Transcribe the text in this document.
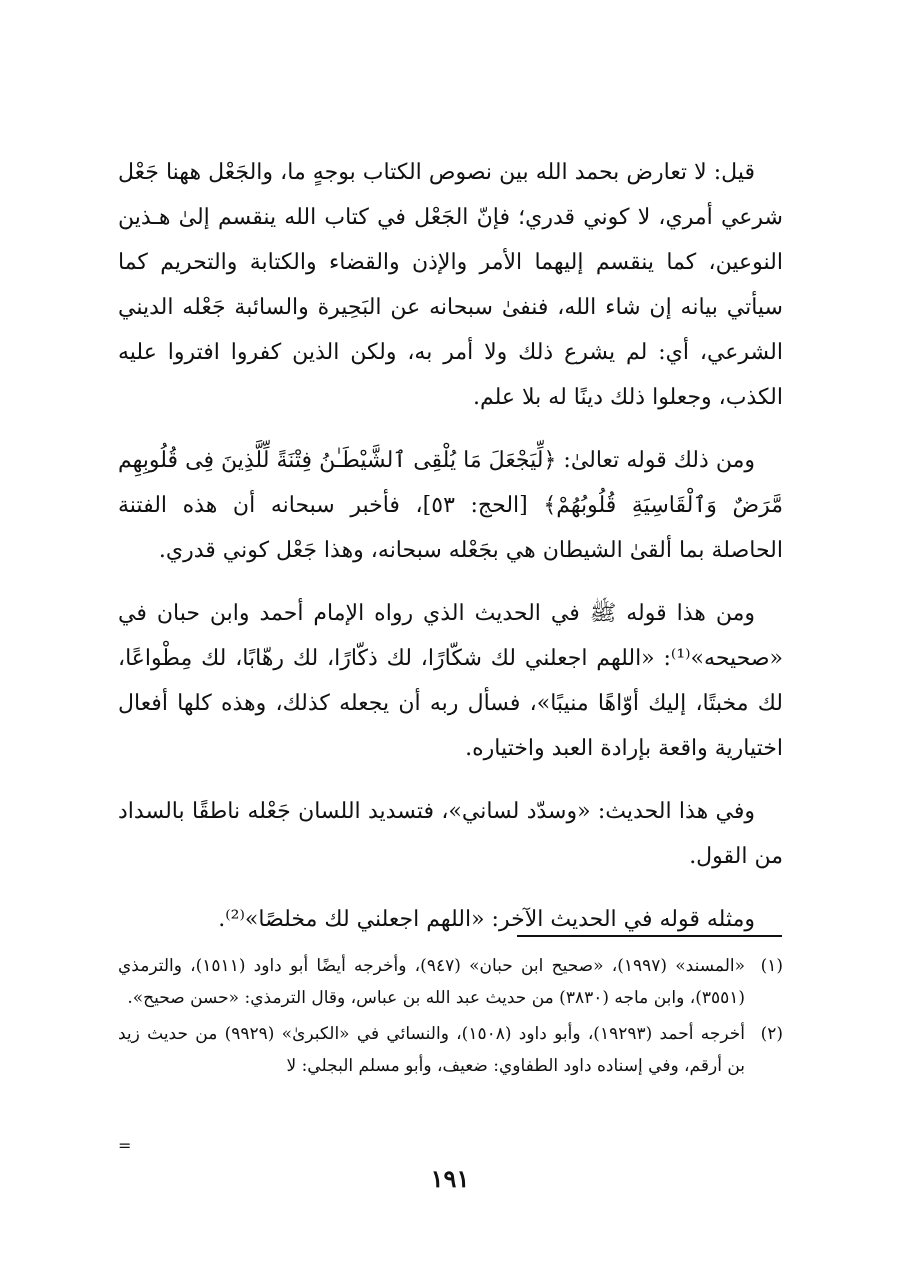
قيل: لا تعارض بحمد الله بين نصوص الكتاب بوجهٍ ما، والجَعْل ههنا جَعْل شرعي أمري، لا كوني قدري؛ فإنّ الجَعْل في كتاب الله ينقسم إلىٰ هـذين النوعين، كما ينقسم إليهما الأمر والإذن والقضاء والكتابة والتحريم كما سيأتي بيانه إن شاء الله، فنفىٰ سبحانه عن البَحِيرة والسائبة جَعْله الديني الشرعي، أي: لم يشرع ذلك ولا أمر به، ولكن الذين كفروا افتروا عليه الكذب، وجعلوا ذلك دينًا له بلا علم.

ومن ذلك قوله تعالىٰ: ﴿لِّيَجْعَلَ مَا يُلْقِى ٱلشَّيْطَـٰنُ فِتْنَةً لِّلَّذِينَ فِى قُلُوبِهِم مَّرَضٌ وَٱلْقَاسِيَةِ قُلُوبُهُمْ﴾ [الحج: ٥٣]، فأخبر سبحانه أن هذه الفتنة الحاصلة بما ألقىٰ الشيطان هي بجَعْله سبحانه، وهذا جَعْل كوني قدري.

ومن هذا قوله ﷺ في الحديث الذي رواه الإمام أحمد وابن حبان في «صحيحه»⁽¹⁾: «اللهم اجعلني لك شكّارًا، لك ذكّارًا، لك رهّابًا، لك مِطْواعًا، لك مخبتًا، إليك أوّاهًا منيبًا»، فسأل ربه أن يجعله كذلك، وهذه كلها أفعال اختيارية واقعة بإرادة العبد واختياره.

وفي هذا الحديث: «وسدّد لساني»، فتسديد اللسان جَعْله ناطقًا بالسداد من القول.

ومثله قوله في الحديث الآخر: «اللهم اجعلني لك مخلصًا»⁽²⁾.

(١)
«المسند» (١٩٩٧)، «صحيح ابن حبان» (٩٤٧)، وأخرجه أيضًا أبو داود (١٥١١)، والترمذي (٣٥٥١)، وابن ماجه (٣٨٣٠) من حديث عبد الله بن عباس، وقال الترمذي: «حسن صحيح».
(٢)
أخرجه أحمد (١٩٢٩٣)، وأبو داود (١٥٠٨)، والنسائي في «الكبرىٰ» (٩٩٢٩) من حديث زيد بن أرقم، وفي إسناده داود الطفاوي: ضعيف، وأبو مسلم البجلي: لا
=
١٩١
